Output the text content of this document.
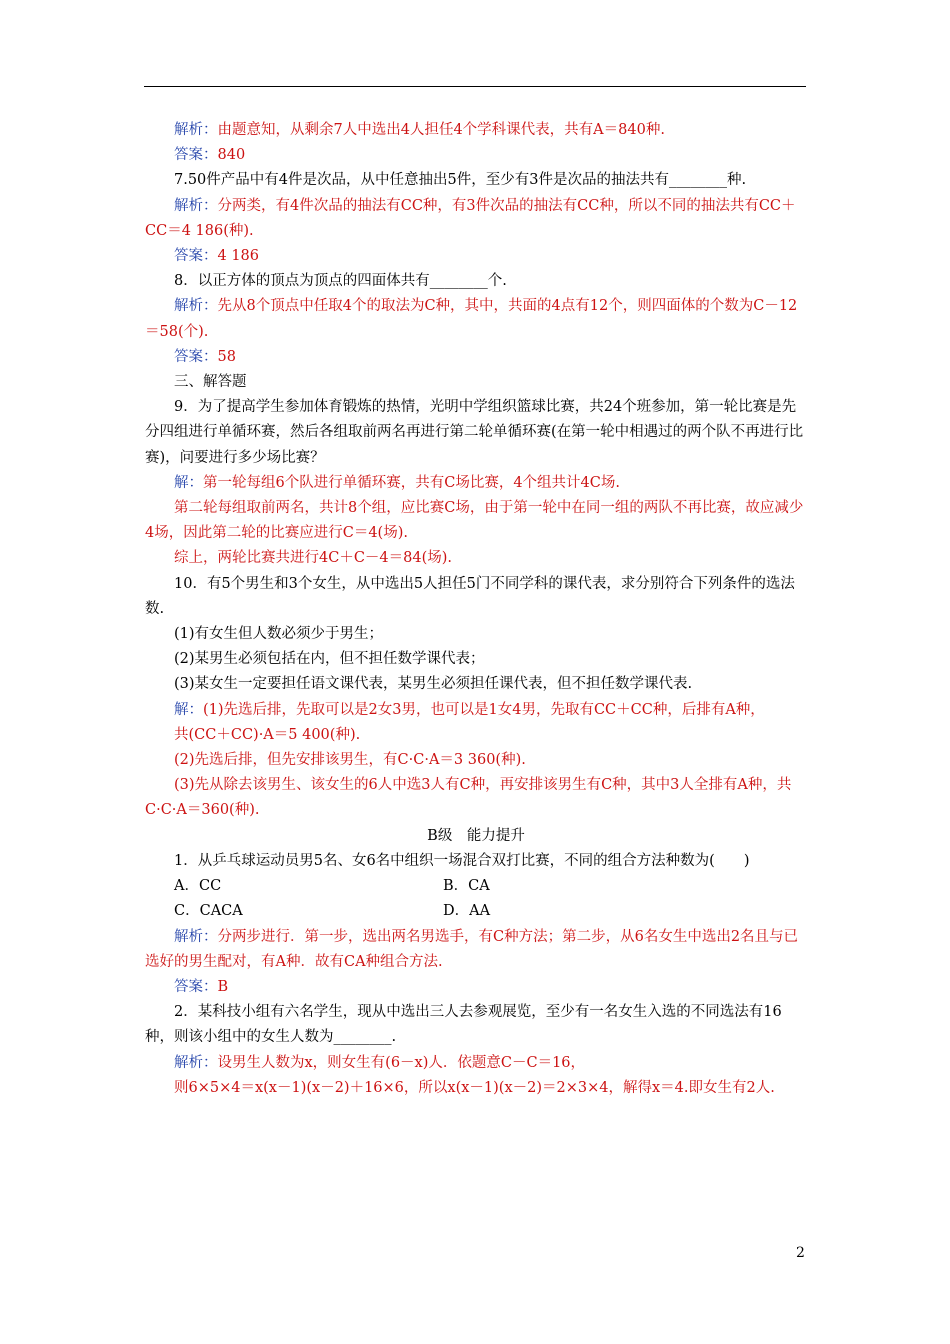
解析：由题意知，从剩余7人中选出4人担任4个学科课代表，共有A＝840种.

答案：840

7.50件产品中有4件是次品，从中任意抽出5件，至少有3件是次品的抽法共有________种.

解析：分两类，有4件次品的抽法有CC种，有3件次品的抽法有CC种，所以不同的抽法共有CC＋CC＝4 186(种).

答案：4 186

8．以正方体的顶点为顶点的四面体共有________个.

解析：先从8个顶点中任取4个的取法为C种，其中，共面的4点有12个，则四面体的个数为C－12＝58(个).

答案：58

三、解答题

9．为了提高学生参加体育锻炼的热情，光明中学组织篮球比赛，共24个班参加，第一轮比赛是先分四组进行单循环赛，然后各组取前两名再进行第二轮单循环赛(在第一轮中相遇过的两个队不再进行比赛)，问要进行多少场比赛？

解：第一轮每组6个队进行单循环赛，共有C场比赛，4个组共计4C场.

第二轮每组取前两名，共计8个组，应比赛C场，由于第一轮中在同一组的两队不再比赛，故应减少4场，因此第二轮的比赛应进行C＝4(场).

综上，两轮比赛共进行4C＋C－4＝84(场).

10．有5个男生和3个女生，从中选出5人担任5门不同学科的课代表，求分别符合下列条件的选法数.

(1)有女生但人数必须少于男生；

(2)某男生必须包括在内，但不担任数学课代表；

(3)某女生一定要担任语文课代表，某男生必须担任课代表，但不担任数学课代表.

解：(1)先选后排，先取可以是2女3男，也可以是1女4男，先取有CC＋CC种，后排有A种，

共(CC＋CC)·A＝5 400(种).

(2)先选后排，但先安排该男生，有C·C·A＝3 360(种).

(3)先从除去该男生、该女生的6人中选3人有C种，再安排该男生有C种，其中3人全排有A种，共C·C·A＝360(种).

B级　能力提升

1．从乒乓球运动员男5名、女6名中组织一场混合双打比赛，不同的组合方法种数为(　　)

A．CC	B．CA
C．CACA	D．AA

解析：分两步进行．第一步，选出两名男选手，有C种方法；第二步，从6名女生中选出2名且与已选好的男生配对，有A种．故有CA种组合方法.

答案：B

2．某科技小组有六名学生，现从中选出三人去参观展览，至少有一名女生入选的不同选法有16种，则该小组中的女生人数为________.

解析：设男生人数为x，则女生有(6－x)人．依题意C－C＝16，

则6×5×4＝x(x－1)(x－2)＋16×6，所以x(x－1)(x－2)＝2×3×4，解得x＝4.即女生有2人.

2
